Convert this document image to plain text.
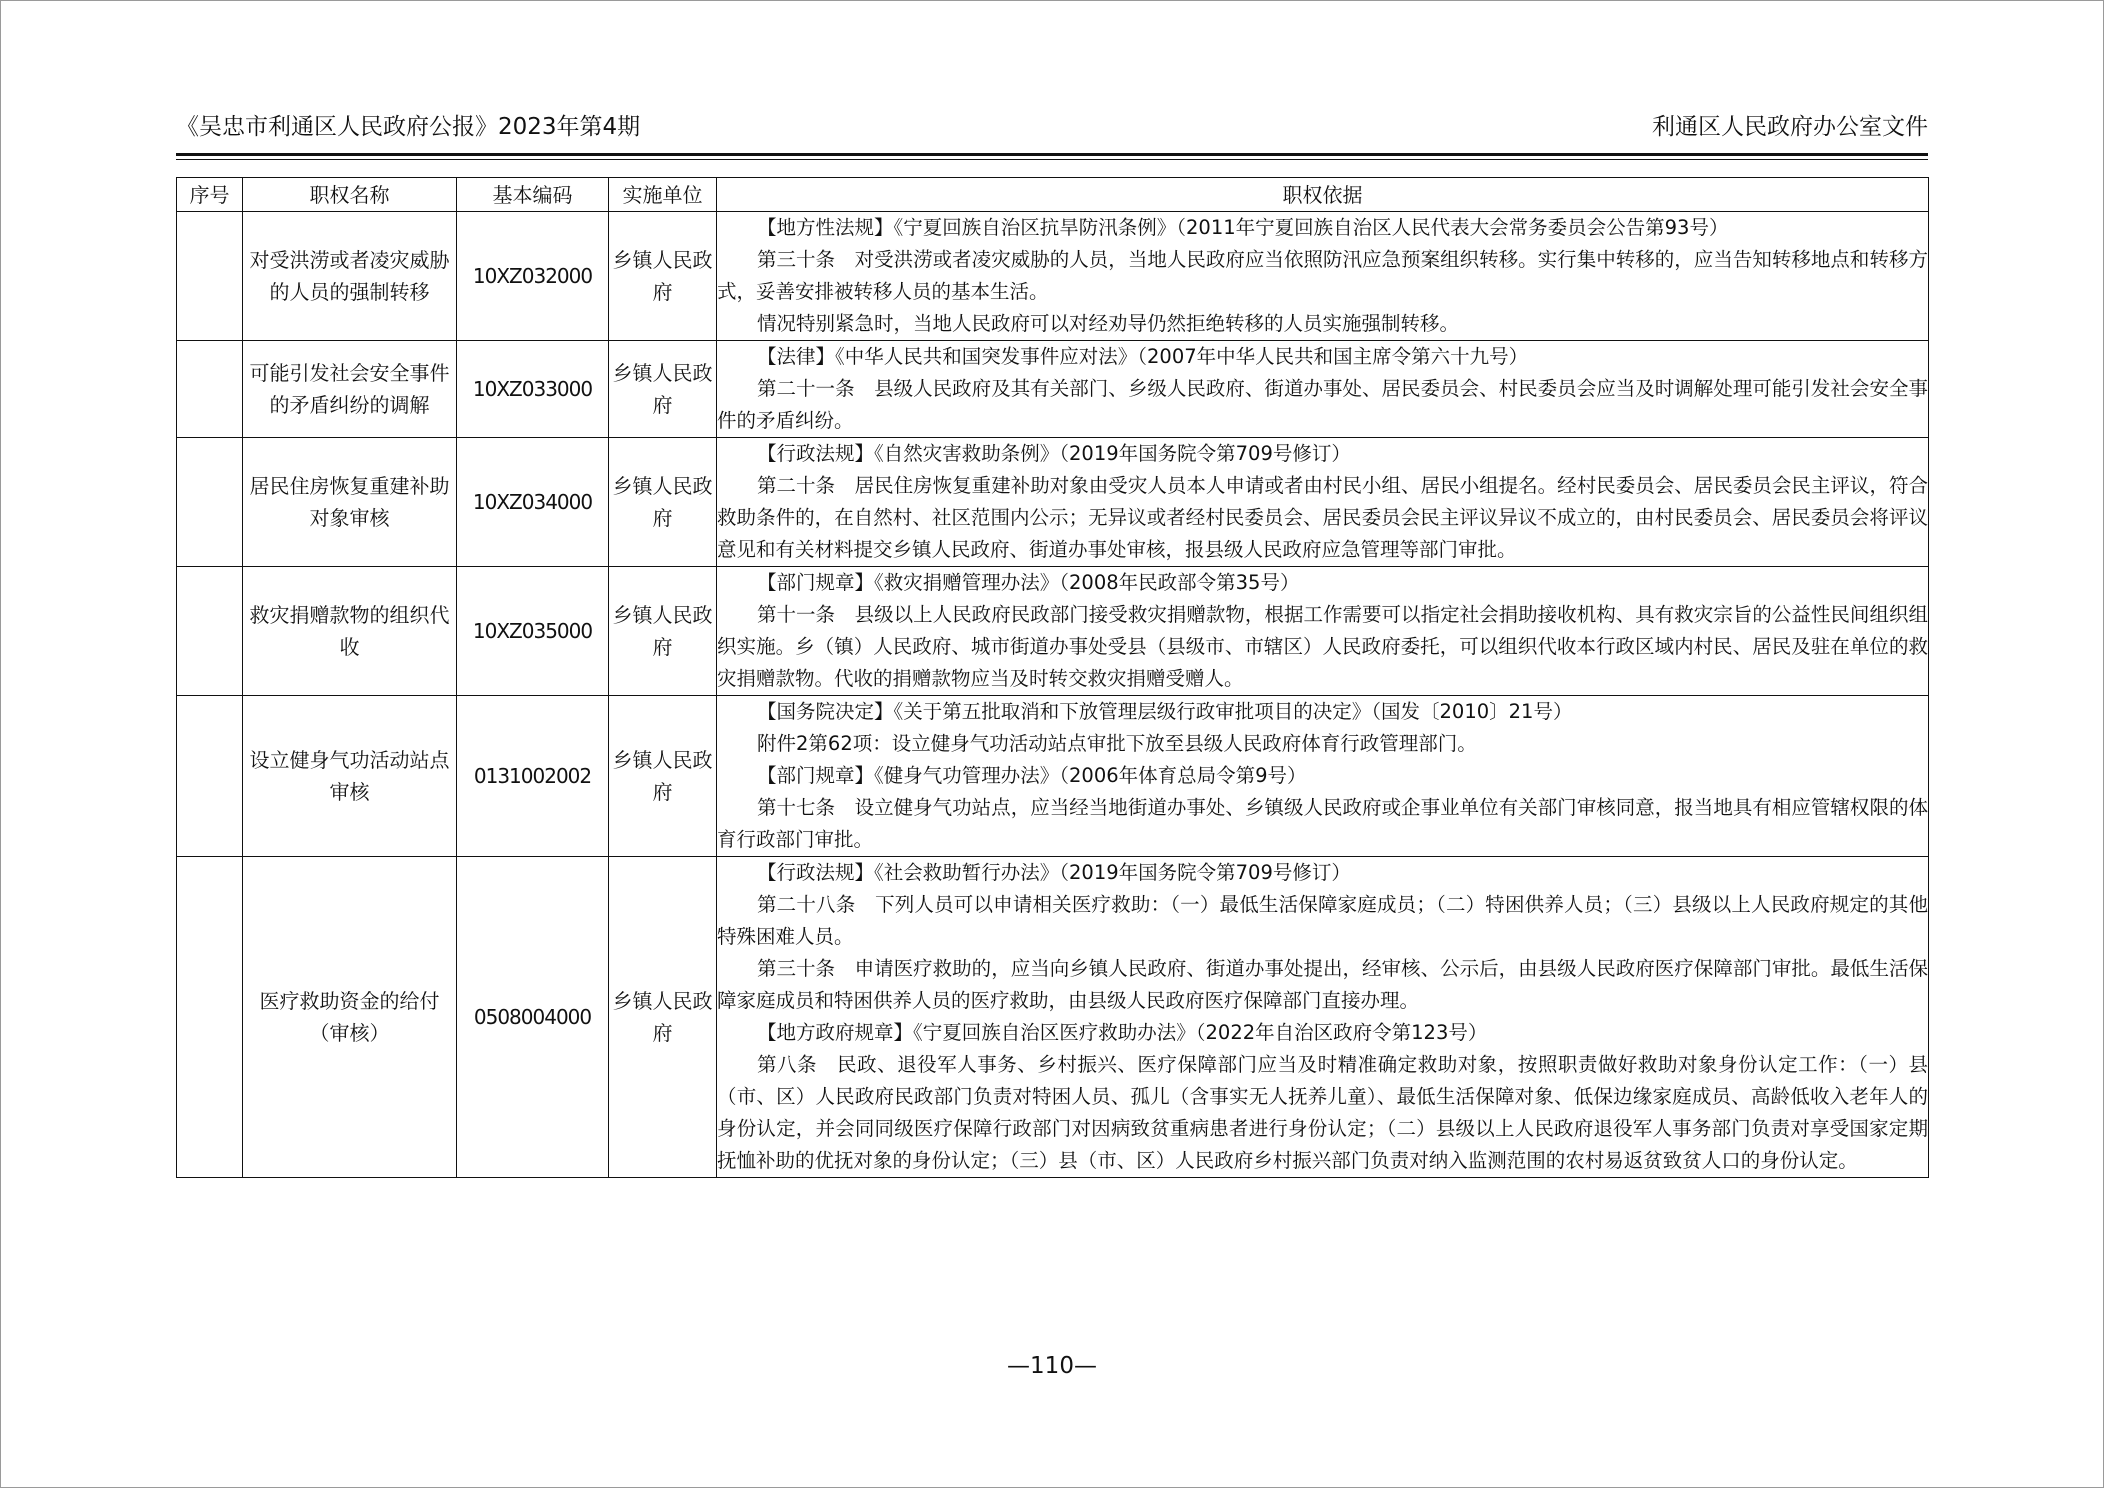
《吴忠市利通区人民政府公报》2023年第4期	利通区人民政府办公室文件
序号	职权名称	基本编码	实施单位	职权依据
	对受洪涝或者凌灾威胁的人员的强制转移	10XZ032000	乡镇人民政府	【地方性法规】《宁夏回族自治区抗旱防汛条例》（2011年宁夏回族自治区人民代表大会常务委员会公告第93号）
第三十条　对受洪涝或者凌灾威胁的人员，当地人民政府应当依照防汛应急预案组织转移。实行集中转移的，应当告知转移地点和转移方式，妥善安排被转移人员的基本生活。
情况特别紧急时，当地人民政府可以对经劝导仍然拒绝转移的人员实施强制转移。

	可能引发社会安全事件的矛盾纠纷的调解	10XZ033000	乡镇人民政府	【法律】《中华人民共和国突发事件应对法》（2007年中华人民共和国主席令第六十九号）
第二十一条　县级人民政府及其有关部门、乡级人民政府、街道办事处、居民委员会、村民委员会应当及时调解处理可能引发社会安全事件的矛盾纠纷。

	居民住房恢复重建补助对象审核	10XZ034000	乡镇人民政府	【行政法规】《自然灾害救助条例》（2019年国务院令第709号修订）
第二十条　居民住房恢复重建补助对象由受灾人员本人申请或者由村民小组、居民小组提名。经村民委员会、居民委员会民主评议，符合救助条件的，在自然村、社区范围内公示；无异议或者经村民委员会、居民委员会民主评议异议不成立的，由村民委员会、居民委员会将评议意见和有关材料提交乡镇人民政府、街道办事处审核，报县级人民政府应急管理等部门审批。

	救灾捐赠款物的组织代收	10XZ035000	乡镇人民政府	【部门规章】《救灾捐赠管理办法》（2008年民政部令第35号）
第十一条　县级以上人民政府民政部门接受救灾捐赠款物，根据工作需要可以指定社会捐助接收机构、具有救灾宗旨的公益性民间组织组织实施。乡（镇）人民政府、城市街道办事处受县（县级市、市辖区）人民政府委托，可以组织代收本行政区域内村民、居民及驻在单位的救灾捐赠款物。代收的捐赠款物应当及时转交救灾捐赠受赠人。

	设立健身气功活动站点审核	0131002002	乡镇人民政府	【国务院决定】《关于第五批取消和下放管理层级行政审批项目的决定》（国发〔2010〕21号）
附件2第62项：设立健身气功活动站点审批下放至县级人民政府体育行政管理部门。
【部门规章】《健身气功管理办法》（2006年体育总局令第9号）
第十七条　设立健身气功站点，应当经当地街道办事处、乡镇级人民政府或企事业单位有关部门审核同意，报当地具有相应管辖权限的体育行政部门审批。

	医疗救助资金的给付（审核）	0508004000	乡镇人民政府	【行政法规】《社会救助暂行办法》（2019年国务院令第709号修订）
第二十八条　下列人员可以申请相关医疗救助：（一）最低生活保障家庭成员；（二）特困供养人员；（三）县级以上人民政府规定的其他特殊困难人员。
第三十条　申请医疗救助的，应当向乡镇人民政府、街道办事处提出，经审核、公示后，由县级人民政府医疗保障部门审批。最低生活保障家庭成员和特困供养人员的医疗救助，由县级人民政府医疗保障部门直接办理。
【地方政府规章】《宁夏回族自治区医疗救助办法》（2022年自治区政府令第123号）
第八条　民政、退役军人事务、乡村振兴、医疗保障部门应当及时精准确定救助对象，按照职责做好救助对象身份认定工作：（一）县（市、区）人民政府民政部门负责对特困人员、孤儿（含事实无人抚养儿童）、最低生活保障对象、低保边缘家庭成员、高龄低收入老年人的身份认定，并会同同级医疗保障行政部门对因病致贫重病患者进行身份认定；（二）县级以上人民政府退役军人事务部门负责对享受国家定期抚恤补助的优抚对象的身份认定；（三）县（市、区）人民政府乡村振兴部门负责对纳入监测范围的农村易返贫致贫人口的身份认定。
—110—
